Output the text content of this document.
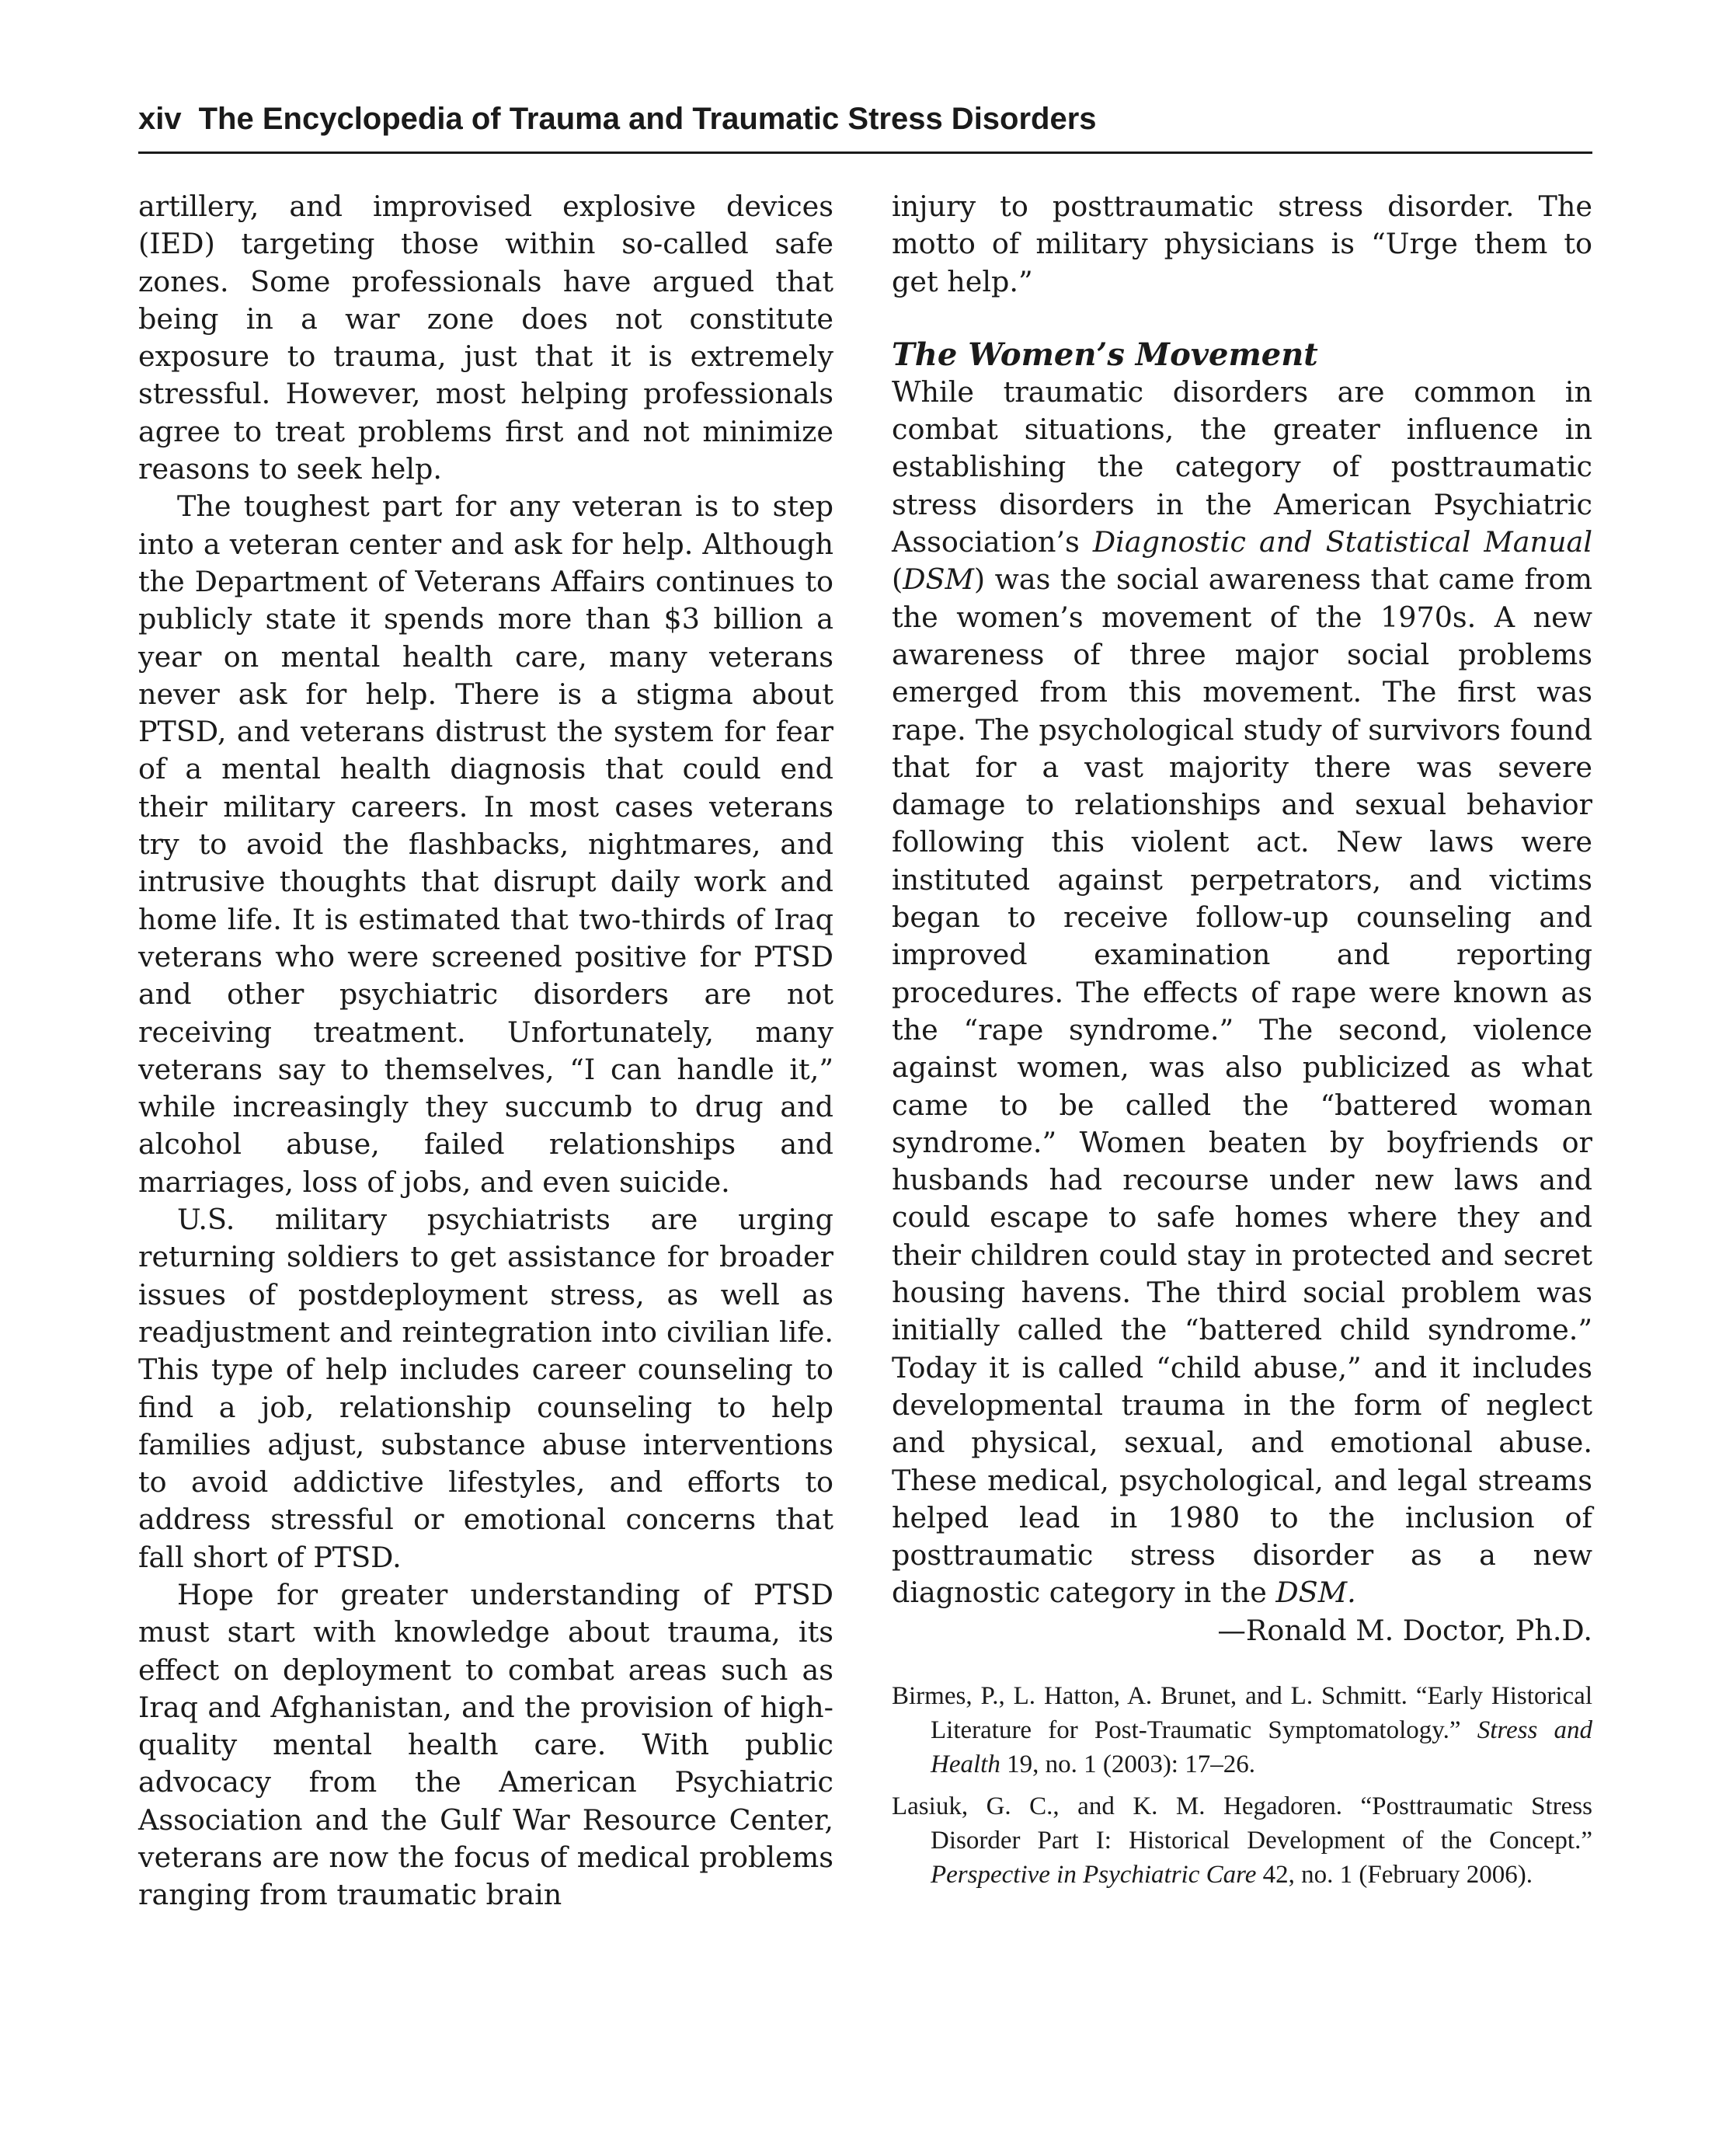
xiv The Encyclopedia of Trauma and Traumatic Stress Disorders

artillery, and improvised explosive devices (IED) targeting those within so-called safe zones. Some professionals have argued that being in a war zone does not constitute exposure to trauma, just that it is extremely stressful. However, most helping professionals agree to treat problems first and not minimize reasons to seek help.

The toughest part for any veteran is to step into a veteran center and ask for help. Although the Department of Veterans Affairs continues to publicly state it spends more than $3 billion a year on mental health care, many veterans never ask for help. There is a stigma about PTSD, and veterans distrust the system for fear of a mental health diagnosis that could end their military careers. In most cases veterans try to avoid the flashbacks, nightmares, and intrusive thoughts that disrupt daily work and home life. It is estimated that two-thirds of Iraq veterans who were screened positive for PTSD and other psychiatric disorders are not receiving treatment. Unfortunately, many veterans say to themselves, “I can handle it,” while increasingly they succumb to drug and alcohol abuse, failed relationships and marriages, loss of jobs, and even suicide.

U.S. military psychiatrists are urging returning soldiers to get assistance for broader issues of postdeployment stress, as well as readjustment and reintegration into civilian life. This type of help includes career counseling to find a job, relationship counseling to help families adjust, substance abuse interventions to avoid addictive lifestyles, and efforts to address stressful or emotional concerns that fall short of PTSD.

Hope for greater understanding of PTSD must start with knowledge about trauma, its effect on deployment to combat areas such as Iraq and Afghanistan, and the provision of high-quality mental health care. With public advocacy from the American Psychiatric Association and the Gulf War Resource Center, veterans are now the focus of medical problems ranging from traumatic brain

injury to posttraumatic stress disorder. The motto of military physicians is “Urge them to get help.”

The Women’s Movement

While traumatic disorders are common in combat situations, the greater influence in establishing the category of posttraumatic stress disorders in the American Psychiatric Association’s Diagnostic and Statistical Manual (DSM) was the social awareness that came from the women’s movement of the 1970s. A new awareness of three major social problems emerged from this movement. The first was rape. The psychological study of survivors found that for a vast majority there was severe damage to relationships and sexual behavior following this violent act. New laws were instituted against perpetrators, and victims began to receive follow-up counseling and improved examination and reporting procedures. The effects of rape were known as the “rape syndrome.” The second, violence against women, was also publicized as what came to be called the “battered woman syndrome.” Women beaten by boyfriends or husbands had recourse under new laws and could escape to safe homes where they and their children could stay in protected and secret housing havens. The third social problem was initially called the “battered child syndrome.” Today it is called “child abuse,” and it includes developmental trauma in the form of neglect and physical, sexual, and emotional abuse. These medical, psychological, and legal streams helped lead in 1980 to the inclusion of posttraumatic stress disorder as a new diagnostic category in the DSM.

—Ronald M. Doctor, Ph.D.

Birmes, P., L. Hatton, A. Brunet, and L. Schmitt. “Early Historical Literature for Post-Traumatic Symptomatology.” Stress and Health 19, no. 1 (2003): 17–26.

Lasiuk, G. C., and K. M. Hegadoren. “Posttraumatic Stress Disorder Part I: Historical Development of the Concept.” Perspective in Psychiatric Care 42, no. 1 (February 2006).
